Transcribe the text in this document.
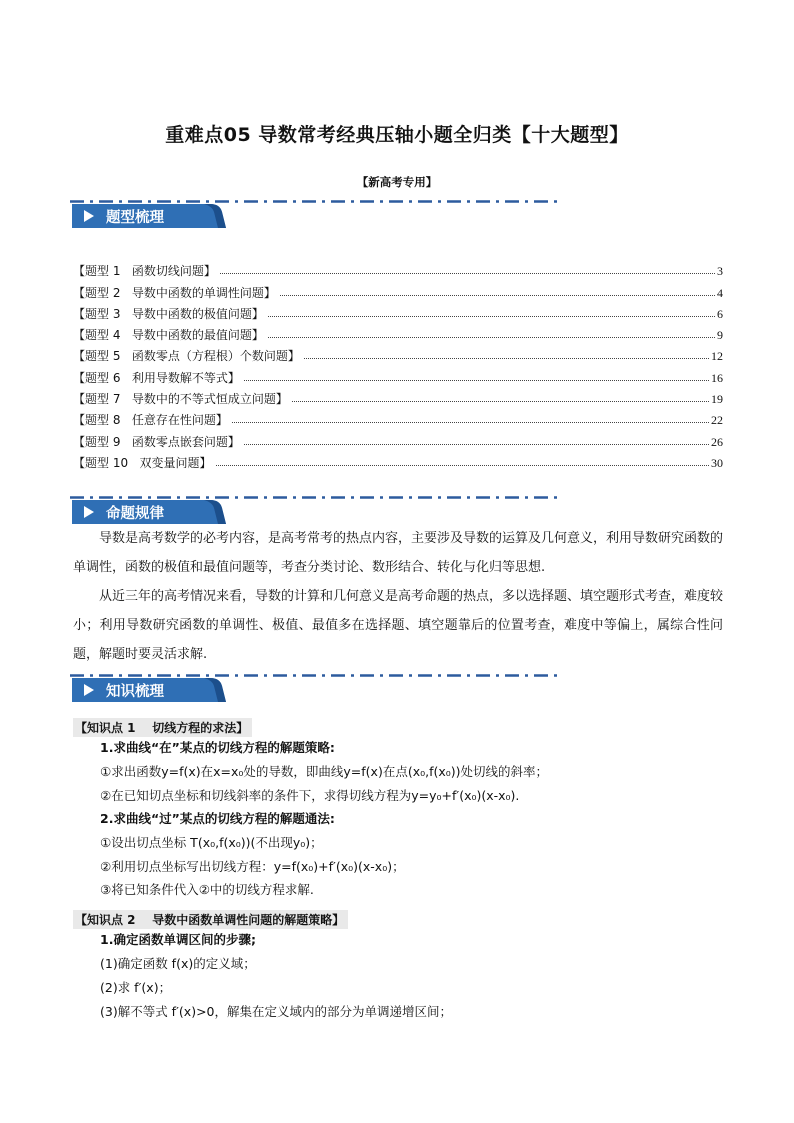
重难点05 导数常考经典压轴小题全归类【十大题型】
【新高考专用】
题型梳理
【题型 1   函数切线问题】	3
【题型 2   导数中函数的单调性问题】	4
【题型 3   导数中函数的极值问题】	6
【题型 4   导数中函数的最值问题】	9
【题型 5   函数零点（方程根）个数问题】	12
【题型 6   利用导数解不等式】	16
【题型 7   导数中的不等式恒成立问题】	19
【题型 8   任意存在性问题】	22
【题型 9   函数零点嵌套问题】	26
【题型 10   双变量问题】	30
命题规律

导数是高考数学的必考内容，是高考常考的热点内容，主要涉及导数的运算及几何意义，利用导数研究函数的单调性，函数的极值和最值问题等，考查分类讨论、数形结合、转化与化归等思想.

从近三年的高考情况来看，导数的计算和几何意义是高考命题的热点，多以选择题、填空题形式考查，难度较小；利用导数研究函数的单调性、极值、最值多在选择题、填空题靠后的位置考查，难度中等偏上，属综合性问题，解题时要灵活求解.

知识梳理
【知识点 1    切线方程的求法】
1.求曲线“在”某点的切线方程的解题策略:
①求出函数y=f(x)在x=x₀处的导数，即曲线y=f(x)在点(x₀,f(x₀))处切线的斜率；
②在已知切点坐标和切线斜率的条件下，求得切线方程为y=y₀+f′(x₀)(x-x₀).
2.求曲线“过”某点的切线方程的解题通法:
①设出切点坐标 T(x₀,f(x₀))(不出现y₀)；
②利用切点坐标写出切线方程：y=f(x₀)+f′(x₀)(x-x₀)；
③将已知条件代入②中的切线方程求解.
【知识点 2    导数中函数单调性问题的解题策略】
1.确定函数单调区间的步骤;
(1)确定函数 f(x)的定义域；
(2)求 f′(x)；
(3)解不等式 f′(x)>0，解集在定义域内的部分为单调递增区间；
